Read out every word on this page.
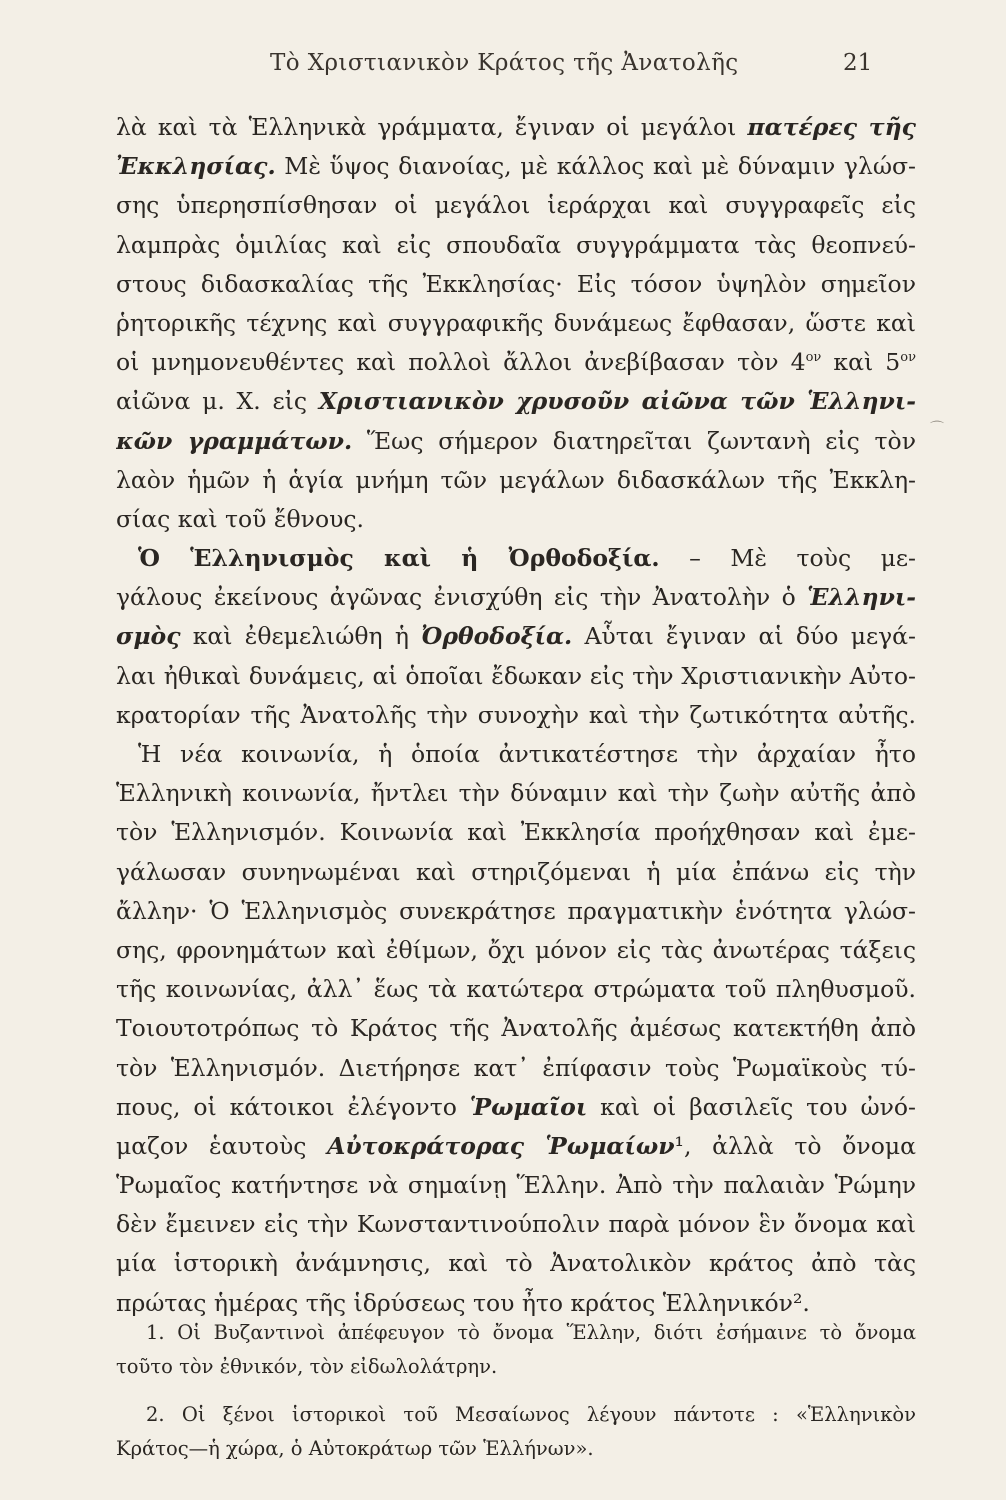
Τὸ Χριστιανικὸν Κράτος τῆς Ἀνατολῆς	21
λὰ καὶ τὰ Ἑλληνικὰ γράμματα, ἔγιναν οἱ μεγάλοι πατέρες τῆς
Ἐκκλησίας. Μὲ ὕψος διανοίας, μὲ κάλλος καὶ μὲ δύναμιν γλώσ-
σης ὑπερησπίσθησαν οἱ μεγάλοι ἱεράρχαι καὶ συγγραφεῖς εἰς
λαμπρὰς ὁμιλίας καὶ εἰς σπουδαῖα συγγράμματα τὰς θεοπνεύ-
στους διδασκαλίας τῆς Ἐκκλησίας· Εἰς τόσον ὑψηλὸν σημεῖον
ῥητορικῆς τέχνης καὶ συγγραφικῆς δυνάμεως ἔφθασαν, ὥστε καὶ
οἱ μνημονευθέντες καὶ πολλοὶ ἄλλοι ἀνεβίβασαν τὸν $4^{o\nu}$ καὶ $5^{o\nu}$
αἰῶνα μ. Χ. εἰς Χριστιανικὸν χρυσοῦν αἰῶνα τῶν Ἑλληνι-
κῶν γραμμάτων. Ἕως σήμερον διατηρεῖται ζωντανὴ εἰς τὸν
λαὸν ἡμῶν ἡ ἁγία μνήμη τῶν μεγάλων διδασκάλων τῆς Ἐκκλη-
σίας καὶ τοῦ ἔθνους.
Ὁ Ἑλληνισμὸς καὶ ἡ Ὀρθοδοξία. – Μὲ τοὺς με-
γάλους ἐκείνους ἀγῶνας ἐνισχύθη εἰς τὴν Ἀνατολὴν ὁ Ἑλληνι-
σμὸς καὶ ἐθεμελιώθη ἡ Ὀρθοδοξία. Αὗται ἔγιναν αἱ δύο μεγά-
λαι ἠθικαὶ δυνάμεις, αἱ ὁποῖαι ἔδωκαν εἰς τὴν Χριστιανικὴν Αὐτο-
κρατορίαν τῆς Ἀνατολῆς τὴν συνοχὴν καὶ τὴν ζωτικότητα αὐτῆς.
Ἡ νέα κοινωνία, ἡ ὁποία ἀντικατέστησε τὴν ἀρχαίαν ἦτο
Ἑλληνικὴ κοινωνία, ἤντλει τὴν δύναμιν καὶ τὴν ζωὴν αὐτῆς ἀπὸ
τὸν Ἑλληνισμόν. Κοινωνία καὶ Ἐκκλησία προήχθησαν καὶ ἐμε-
γάλωσαν συνηνωμέναι καὶ στηριζόμεναι ἡ μία ἐπάνω εἰς τὴν
ἄλλην· Ὁ Ἑλληνισμὸς συνεκράτησε πραγματικὴν ἑνότητα γλώσ-
σης, φρονημάτων καὶ ἐθίμων, ὄχι μόνον εἰς τὰς ἀνωτέρας τάξεις
τῆς κοινωνίας, ἀλλ᾿ ἕως τὰ κατώτερα στρώματα τοῦ πληθυσμοῦ.
Τοιουτοτρόπως τὸ Κράτος τῆς Ἀνατολῆς ἀμέσως κατεκτήθη ἀπὸ
τὸν Ἑλληνισμόν. Διετήρησε κατ᾿ ἐπίφασιν τοὺς Ῥωμαϊκοὺς τύ-
πους, οἱ κάτοικοι ἐλέγοντο Ῥωμαῖοι καὶ οἱ βασιλεῖς του ὠνό-
μαζον ἑαυτοὺς Αὐτοκράτορας Ῥωμαίων¹, ἀλλὰ τὸ ὄνομα
Ῥωμαῖος κατήντησε νὰ σημαίνῃ Ἕλλην. Ἀπὸ τὴν παλαιὰν Ῥώμην
δὲν ἔμεινεν εἰς τὴν Κωνσταντινούπολιν παρὰ μόνον ἓν ὄνομα καὶ
μία ἱστορικὴ ἀνάμνησις, καὶ τὸ Ἀνατολικὸν κράτος ἀπὸ τὰς
πρώτας ἡμέρας τῆς ἱδρύσεως του ἦτο κράτος Ἑλληνικόν².
⌒
1. Οἱ Βυζαντινοὶ ἀπέφευγον τὸ ὄνομα Ἕλλην, διότι ἐσήμαινε τὸ ὄνομα
τοῦτο τὸν ἐθνικόν, τὸν εἰδωλολάτρην.
2. Οἱ ξένοι ἱστορικοὶ τοῦ Μεσαίωνος λέγουν πάντοτε : «Ἑλληνικὸν
Κράτος—ἡ χώρα, ὁ Αὐτοκράτωρ τῶν Ἑλλήνων».
